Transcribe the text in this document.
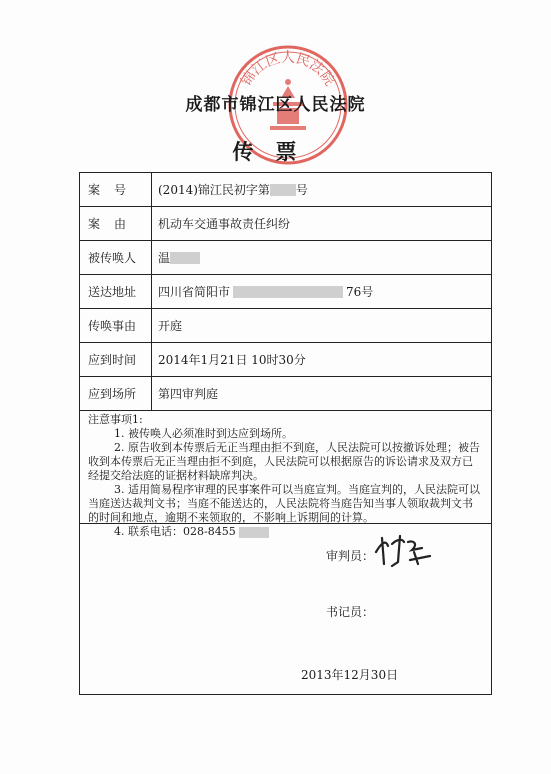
锦江区人民法院
成都市锦江区人民法院
传票
案号	(2014)锦江民初字第 号
案由	机动车交通事故责任纠纷
被传唤人	温
送达地址	四川省简阳市	76号
传唤事由	开庭
应到时间	2014年1月21日 10时30分
应到场所	第四审判庭

注意事项1:

1. 被传唤人必须准时到达应到场所。

2. 原告收到本传票后无正当理由拒不到庭，人民法院可以按撤诉处理；被告收到本传票后无正当理由拒不到庭，人民法院可以根据原告的诉讼请求及双方已经提交给法庭的证据材料缺席判决。

3. 适用简易程序审理的民事案件可以当庭宣判。当庭宣判的，人民法院可以当庭送达裁判文书；当庭不能送达的，人民法院将当庭告知当事人领取裁判文书的时间和地点，逾期不来领取的，不影响上诉期间的计算。

4. 联系电话：028-8455

审判员：
书记员：
2013年12月30日
